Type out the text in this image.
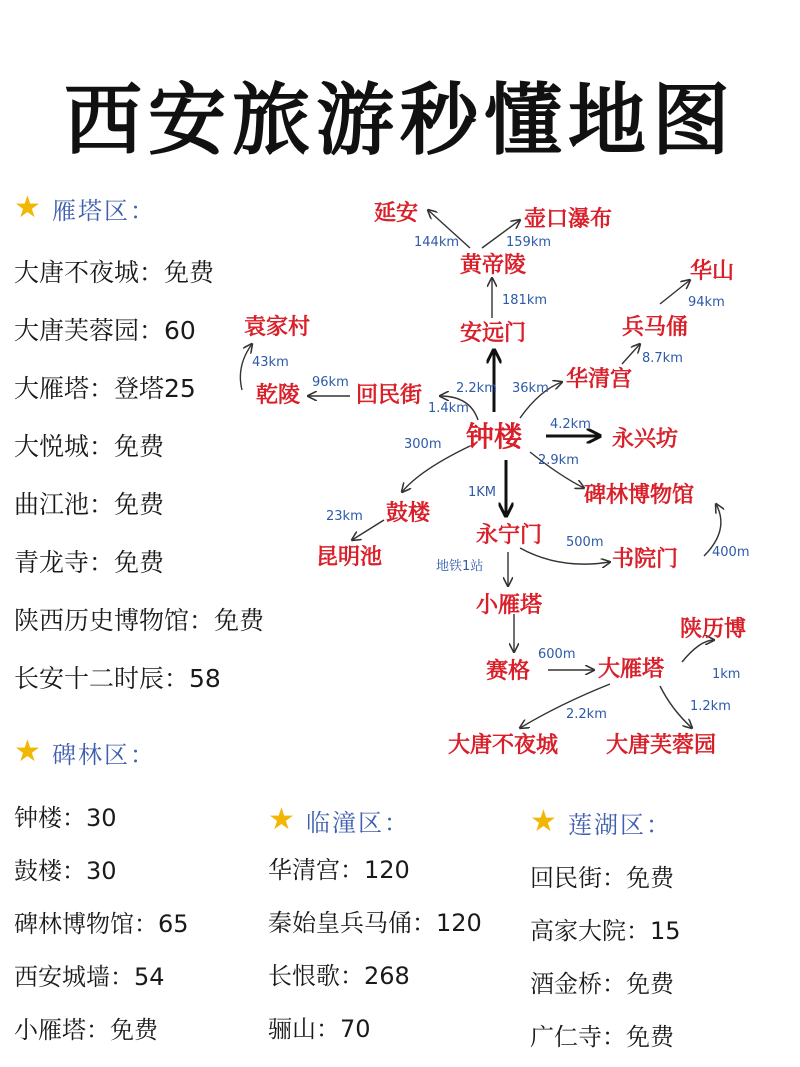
西安旅游秒懂地图
★ 雁塔区：
大唐不夜城：免费
大唐芙蓉园：60
大雁塔：登塔25
大悦城：免费
曲江池：免费
青龙寺：免费
陕西历史博物馆：免费
长安十二时辰：58
★ 碑林区：
钟楼：30
鼓楼：30
碑林博物馆：65
西安城墙：54
小雁塔：免费
★ 临潼区：
华清宫：120
秦始皇兵马俑：120
长恨歌：268
骊山：70
★ 莲湖区：
回民街：免费
高家大院：15
酒金桥：免费
广仁寺：免费
延安	壶口瀑布
黄帝陵	华山
安远门	兵马俑
袁家村
乾陵	回民街
华清宫
钟楼	永兴坊
碑林博物馆
鼓楼
永宁门
昆明池	书院门
小雁塔
陕历博
赛格	大雁塔
大唐不夜城 大唐芙蓉园
144km	159km
181km	94km
8.7km
43km
96km	2.2km
1.4km
36km
4.2km
2.9km
300m
23km
1KM
500m
400m
地铁1站
600m
1km
2.2km
1.2km
